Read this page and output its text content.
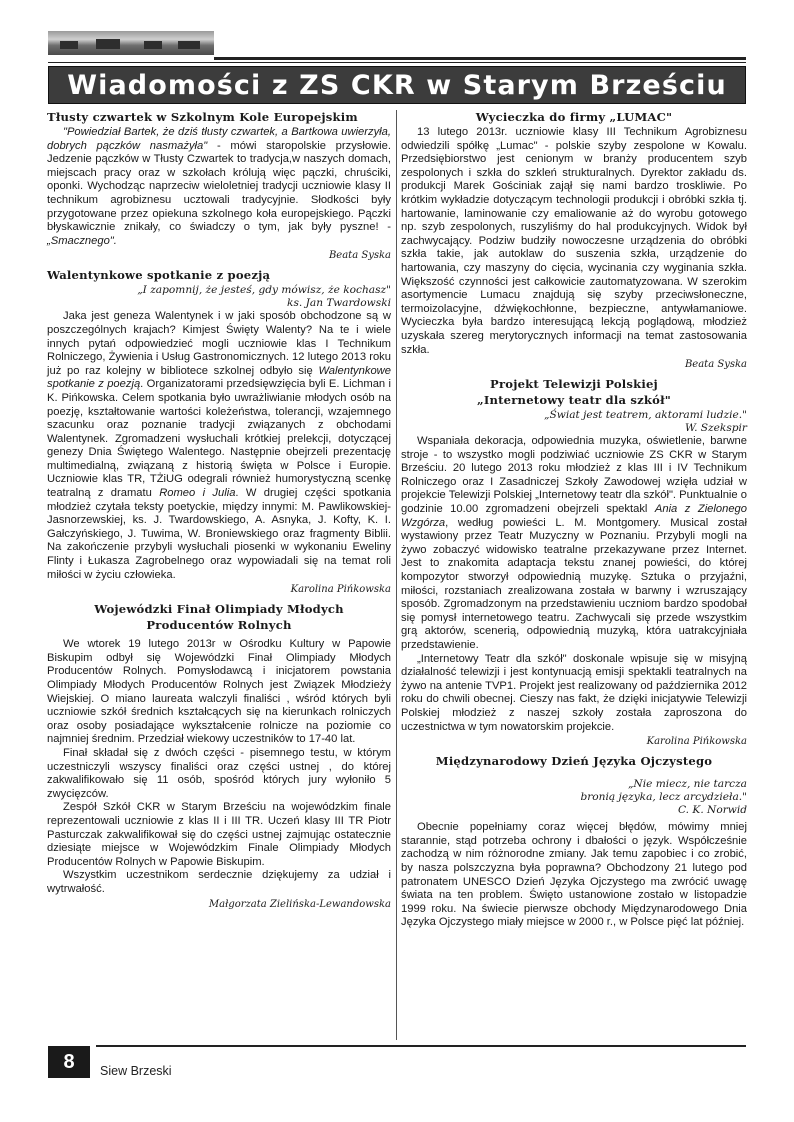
Wiadomości z ZS CKR w Starym Brześciu
Tłusty czwartek w Szkolnym Kole Europejskim

"Powiedział Bartek, że dziś tłusty czwartek, a Bartkowa uwierzyła, dobrych pączków nasmażyła" - mówi staropolskie przysłowie. Jedzenie pączków w Tłusty Czwartek to tradycja,w naszych domach, miejscach pracy oraz w szkołach królują więc pączki, chruściki, oponki. Wychodząc naprzeciw wieloletniej tradycji uczniowie klasy II technikum agrobiznesu ucztowali tradycyjnie. Słodkości były przygotowane przez opiekuna szkolnego koła europejskiego. Pączki błyskawicznie znikały, co świadczy o tym, jak były pyszne! - „Smacznego".

Beata Syska
Walentynkowe spotkanie z poezją
„I zapomnij, że jesteś, gdy mówisz, że kochasz"
ks. Jan Twardowski

Jaka jest geneza Walentynek i w jaki sposób obchodzone są w poszczególnych krajach? Kimjest Święty Walenty? Na te i wiele innych pytań odpowiedzieć mogli uczniowie klas I Technikum Rolniczego, Żywienia i Usług Gastronomicznych. 12 lutego 2013 roku już po raz kolejny w bibliotece szkolnej odbyło się Walentynkowe spotkanie z poezją. Organizatorami przedsięwzięcia byli E. Lichman i K. Pińkowska. Celem spotkania było uwrażliwianie młodych osób na poezję, kształtowanie wartości koleżeństwa, tolerancji, wzajemnego szacunku oraz poznanie tradycji związanych z obchodami Walentynek. Zgromadzeni wysłuchali krótkiej prelekcji, dotyczącej genezy Dnia Świętego Walentego. Następnie obejrzeli prezentację multimedialną, związaną z historią święta w Polsce i Europie. Uczniowie klas TR, TŻiUG odegrali również humorystyczną scenkę teatralną z dramatu Romeo i Julia. W drugiej części spotkania młodzież czytała teksty poetyckie, między innymi: M. Pawlikowskiej-Jasnorzewskiej, ks. J. Twardowskiego, A. Asnyka, J. Kofty, K. I. Gałczyńskiego, J. Tuwima, W. Broniewskiego oraz fragmenty Biblii. Na zakończenie przybyli wysłuchali piosenki w wykonaniu Eweliny Flinty i Łukasza Zagrobelnego oraz wypowiadali się na temat roli miłości w życiu człowieka.

Karolina Pińkowska
Wojewódzki Finał Olimpiady Młodych
Producentów Rolnych

We wtorek 19 lutego 2013r w Ośrodku Kultury w Papowie Biskupim odbył się Wojewódzki Finał Olimpiady Młodych Producentów Rolnych. Pomysłodawcą i inicjatorem powstania Olimpiady Młodych Producentów Rolnych jest Związek Młodzieży Wiejskiej. O miano laureata walczyli finaliści , wśród których byli uczniowie szkół średnich kształcących się na kierunkach rolniczych oraz osoby posiadające wykształcenie rolnicze na poziomie co najmniej średnim. Przedział wiekowy uczestników to 17-40 lat.

Finał składał się z dwóch części - pisemnego testu, w którym uczestniczyli wszyscy finaliści oraz części ustnej , do której zakwalifikowało się 11 osób, spośród których jury wyłoniło 5 zwycięzców.

Zespół Szkół CKR w Starym Brześciu na wojewódzkim finale reprezentowali uczniowie z klas II i III TR. Uczeń klasy III TR Piotr Pasturczak zakwalifikował się do części ustnej zajmując ostatecznie dziesiąte miejsce w Wojewódzkim Finale Olimpiady Młodych Producentów Rolnych w Papowie Biskupim.

Wszystkim uczestnikom serdecznie dziękujemy za udział i wytrwałość.

Małgorzata Zielińska-Lewandowska
Wycieczka do firmy „LUMAC"

13 lutego 2013r. uczniowie klasy III Technikum Agrobiznesu odwiedzili spółkę „Lumac" - polskie szyby zespolone w Kowalu. Przedsiębiorstwo jest cenionym w branży producentem szyb zespolonych i szkła do szkleń strukturalnych. Dyrektor zakładu ds. produkcji Marek Gościniak zajął się nami bardzo troskliwie. Po krótkim wykładzie dotyczącym technologii produkcji i obróbki szkła tj. hartowanie, laminowanie czy emaliowanie aż do wyrobu gotowego np. szyb zespolonych, ruszyliśmy do hal produkcyjnych. Widok był zachwycający. Podziw budziły nowoczesne urządzenia do obróbki szkła takie, jak autoklaw do suszenia szkła, urządzenie do hartowania, czy maszyny do cięcia, wycinania czy wyginania szkła. Większość czynności jest całkowicie zautomatyzowana. W szerokim asortymencie Lumacu znajdują się szyby przeciwsłoneczne, termoizolacyjne, dźwiękochłonne, bezpieczne, antywłamaniowe. Wycieczka była bardzo interesującą lekcją poglądową, młodzież uzyskała szereg merytorycznych informacji na temat zastosowania szkła.

Beata Syska
Projekt Telewizji Polskiej
„Internetowy teatr dla szkół"
„Świat jest teatrem, aktorami ludzie."
W. Szekspir

Wspaniała dekoracja, odpowiednia muzyka, oświetlenie, barwne stroje - to wszystko mogli podziwiać uczniowie ZS CKR w Starym Brześciu. 20 lutego 2013 roku młodzież z klas III i IV Technikum Rolniczego oraz I Zasadniczej Szkoły Zawodowej wzięła udział w projekcie Telewizji Polskiej „Internetowy teatr dla szkół". Punktualnie o godzinie 10.00 zgromadzeni obejrzeli spektakl Ania z Zielonego Wzgórza, według powieści L. M. Montgomery. Musical został wystawiony przez Teatr Muzyczny w Poznaniu. Przybyli mogli na żywo zobaczyć widowisko teatralne przekazywane przez Internet. Jest to znakomita adaptacja tekstu znanej powieści, do której kompozytor stworzył odpowiednią muzykę. Sztuka o przyjaźni, miłości, rozstaniach zrealizowana została w barwny i wzruszający sposób. Zgromadzonym na przedstawieniu uczniom bardzo spodobał się pomysł internetowego teatru. Zachwycali się przede wszystkim grą aktorów, scenerią, odpowiednią muzyką, która uatrakcyjniała przedstawienie.

„Internetowy Teatr dla szkół" doskonale wpisuje się w misyjną działalność telewizji i jest kontynuacją emisji spektakli teatralnych na żywo na antenie TVP1. Projekt jest realizowany od października 2012 roku do chwili obecnej. Cieszy nas fakt, że dzięki inicjatywie Telewizji Polskiej młodzież z naszej szkoły została zaproszona do uczestnictwa w tym nowatorskim projekcie.

Karolina Pińkowska
Międzynarodowy Dzień Języka Ojczystego
„Nie miecz, nie tarcza
bronią języka, lecz arcydzieła."
C. K. Norwid

Obecnie popełniamy coraz więcej błędów, mówimy mniej starannie, stąd potrzeba ochrony i dbałości o język. Współcześnie zachodzą w nim różnorodne zmiany. Jak temu zapobiec i co zrobić, by nasza polszczyzna była poprawna? Obchodzony 21 lutego pod patronatem UNESCO Dzień Języka Ojczystego ma zwrócić uwagę świata na ten problem. Święto ustanowione zostało w listopadzie 1999 roku. Na świecie pierwsze obchody Międzynarodowego Dnia Języka Ojczystego miały miejsce w 2000 r., w Polsce pięć lat później.

8	Siew Brzeski
